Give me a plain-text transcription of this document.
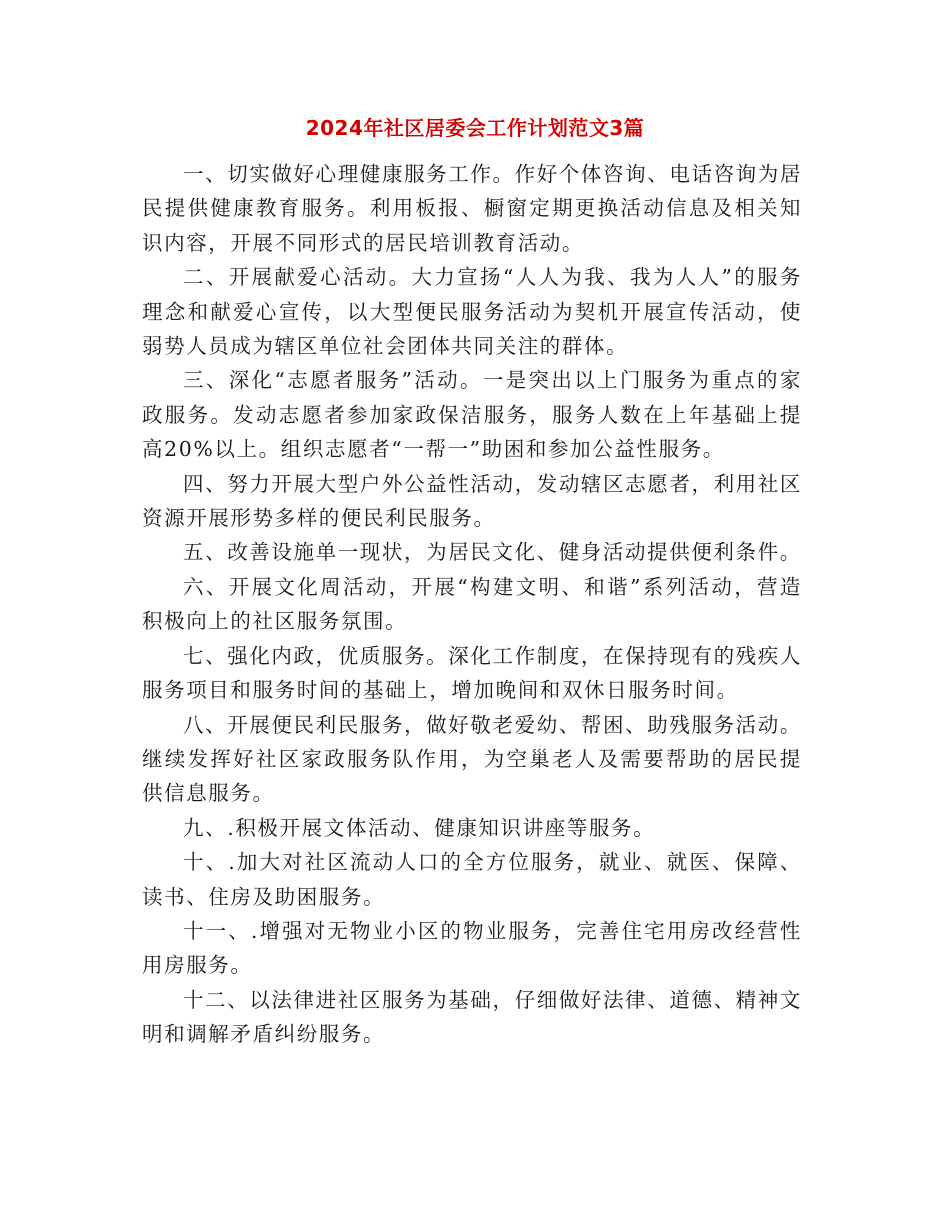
2024年社区居委会工作计划范文3篇

一、切实做好心理健康服务工作。作好个体咨询、电话咨询为居民提供健康教育服务。利用板报、橱窗定期更换活动信息及相关知识内容，开展不同形式的居民培训教育活动。

二、开展献爱心活动。大力宣扬“人人为我、我为人人”的服务理念和献爱心宣传，以大型便民服务活动为契机开展宣传活动，使弱势人员成为辖区单位社会团体共同关注的群体。

三、深化“志愿者服务”活动。一是突出以上门服务为重点的家政服务。发动志愿者参加家政保洁服务，服务人数在上年基础上提高20%以上。组织志愿者“一帮一”助困和参加公益性服务。

四、努力开展大型户外公益性活动，发动辖区志愿者，利用社区资源开展形势多样的便民利民服务。

五、改善设施单一现状，为居民文化、健身活动提供便利条件。

六、开展文化周活动，开展“构建文明、和谐”系列活动，营造积极向上的社区服务氛围。

七、强化内政，优质服务。深化工作制度，在保持现有的残疾人服务项目和服务时间的基础上，增加晚间和双休日服务时间。

八、开展便民利民服务，做好敬老爱幼、帮困、助残服务活动。继续发挥好社区家政服务队作用，为空巢老人及需要帮助的居民提供信息服务。

九、.积极开展文体活动、健康知识讲座等服务。

十、.加大对社区流动人口的全方位服务，就业、就医、保障、读书、住房及助困服务。

十一、.增强对无物业小区的物业服务，完善住宅用房改经营性用房服务。

十二、以法律进社区服务为基础，仔细做好法律、道德、精神文明和调解矛盾纠纷服务。
